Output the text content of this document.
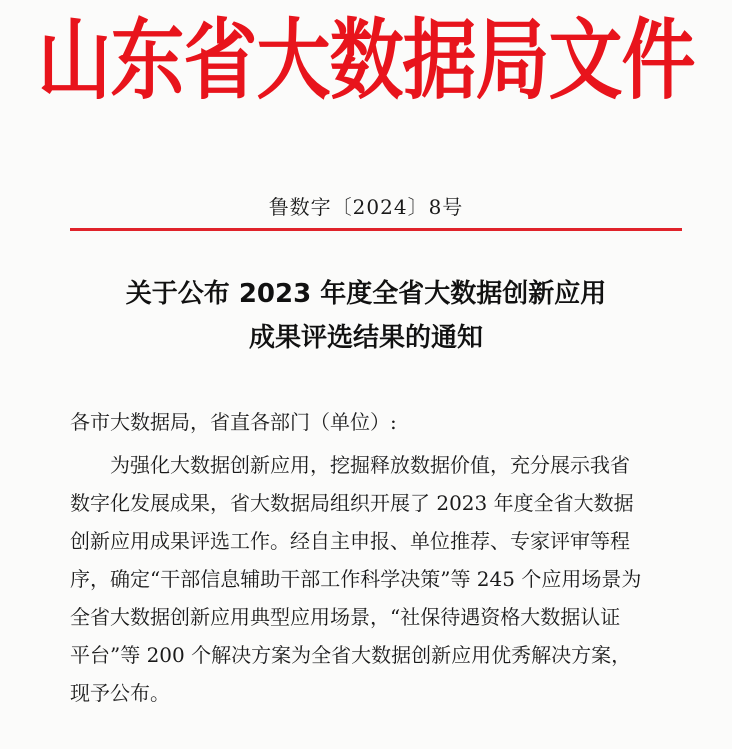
山东省大数据局文件
鲁数字〔2024〕8号
关于公布 2023 年度全省大数据创新应用
成果评选结果的通知
各市大数据局，省直各部门（单位）:
为强化大数据创新应用，挖掘释放数据价值，充分展示我省
数字化发展成果，省大数据局组织开展了 2023 年度全省大数据
创新应用成果评选工作。经自主申报、单位推荐、专家评审等程
序，确定“干部信息辅助干部工作科学决策”等 245 个应用场景为
全省大数据创新应用典型应用场景，“社保待遇资格大数据认证
平台”等 200 个解决方案为全省大数据创新应用优秀解决方案，
现予公布。
